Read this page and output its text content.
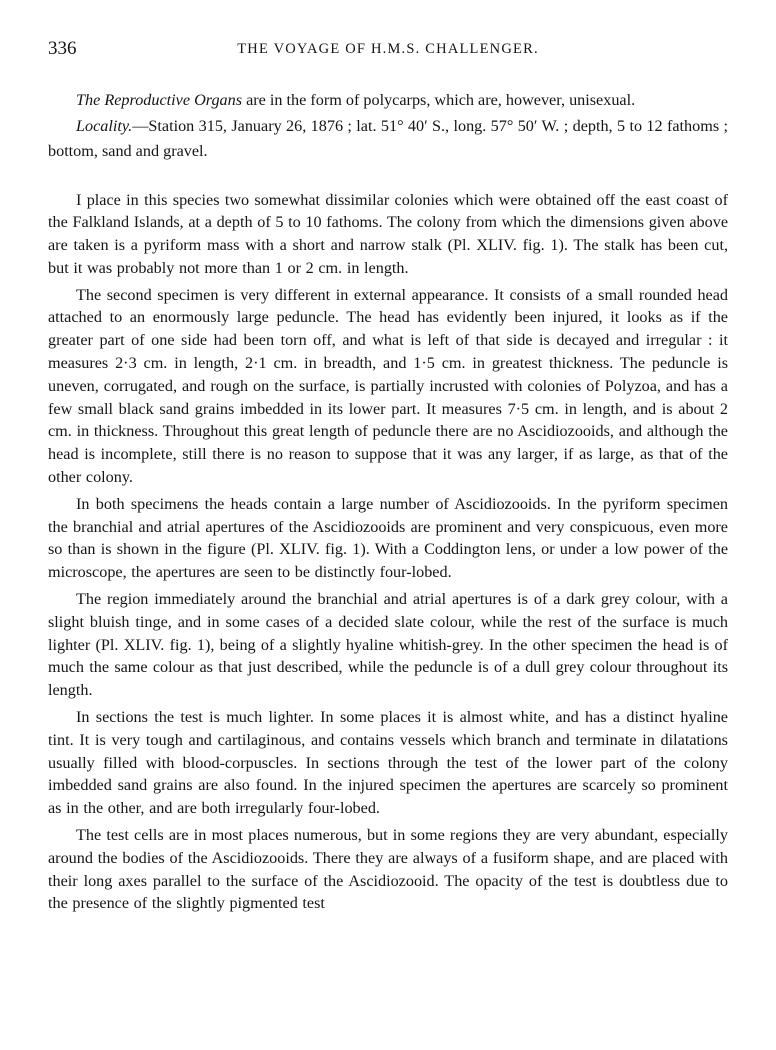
336	THE VOYAGE OF H.M.S. CHALLENGER.

The Reproductive Organs are in the form of polycarps, which are, however, unisexual.

Locality.—Station 315, January 26, 1876 ; lat. 51° 40′ S., long. 57° 50′ W. ; depth, 5 to 12 fathoms ; bottom, sand and gravel.

I place in this species two somewhat dissimilar colonies which were obtained off the east coast of the Falkland Islands, at a depth of 5 to 10 fathoms. The colony from which the dimensions given above are taken is a pyriform mass with a short and narrow stalk (Pl. XLIV. fig. 1). The stalk has been cut, but it was probably not more than 1 or 2 cm. in length.

The second specimen is very different in external appearance. It consists of a small rounded head attached to an enormously large peduncle. The head has evidently been injured, it looks as if the greater part of one side had been torn off, and what is left of that side is decayed and irregular : it measures 2·3 cm. in length, 2·1 cm. in breadth, and 1·5 cm. in greatest thickness. The peduncle is uneven, corrugated, and rough on the surface, is partially incrusted with colonies of Polyzoa, and has a few small black sand grains imbedded in its lower part. It measures 7·5 cm. in length, and is about 2 cm. in thickness. Throughout this great length of peduncle there are no Ascidiozooids, and although the head is incomplete, still there is no reason to suppose that it was any larger, if as large, as that of the other colony.

In both specimens the heads contain a large number of Ascidiozooids. In the pyriform specimen the branchial and atrial apertures of the Ascidiozooids are prominent and very conspicuous, even more so than is shown in the figure (Pl. XLIV. fig. 1). With a Coddington lens, or under a low power of the microscope, the apertures are seen to be distinctly four-lobed.

The region immediately around the branchial and atrial apertures is of a dark grey colour, with a slight bluish tinge, and in some cases of a decided slate colour, while the rest of the surface is much lighter (Pl. XLIV. fig. 1), being of a slightly hyaline whitish-grey. In the other specimen the head is of much the same colour as that just described, while the peduncle is of a dull grey colour throughout its length.

In sections the test is much lighter. In some places it is almost white, and has a distinct hyaline tint. It is very tough and cartilaginous, and contains vessels which branch and terminate in dilatations usually filled with blood-corpuscles. In sections through the test of the lower part of the colony imbedded sand grains are also found. In the injured specimen the apertures are scarcely so prominent as in the other, and are both irregularly four-lobed.

The test cells are in most places numerous, but in some regions they are very abundant, especially around the bodies of the Ascidiozooids. There they are always of a fusiform shape, and are placed with their long axes parallel to the surface of the Ascidiozooid. The opacity of the test is doubtless due to the presence of the slightly pigmented test
